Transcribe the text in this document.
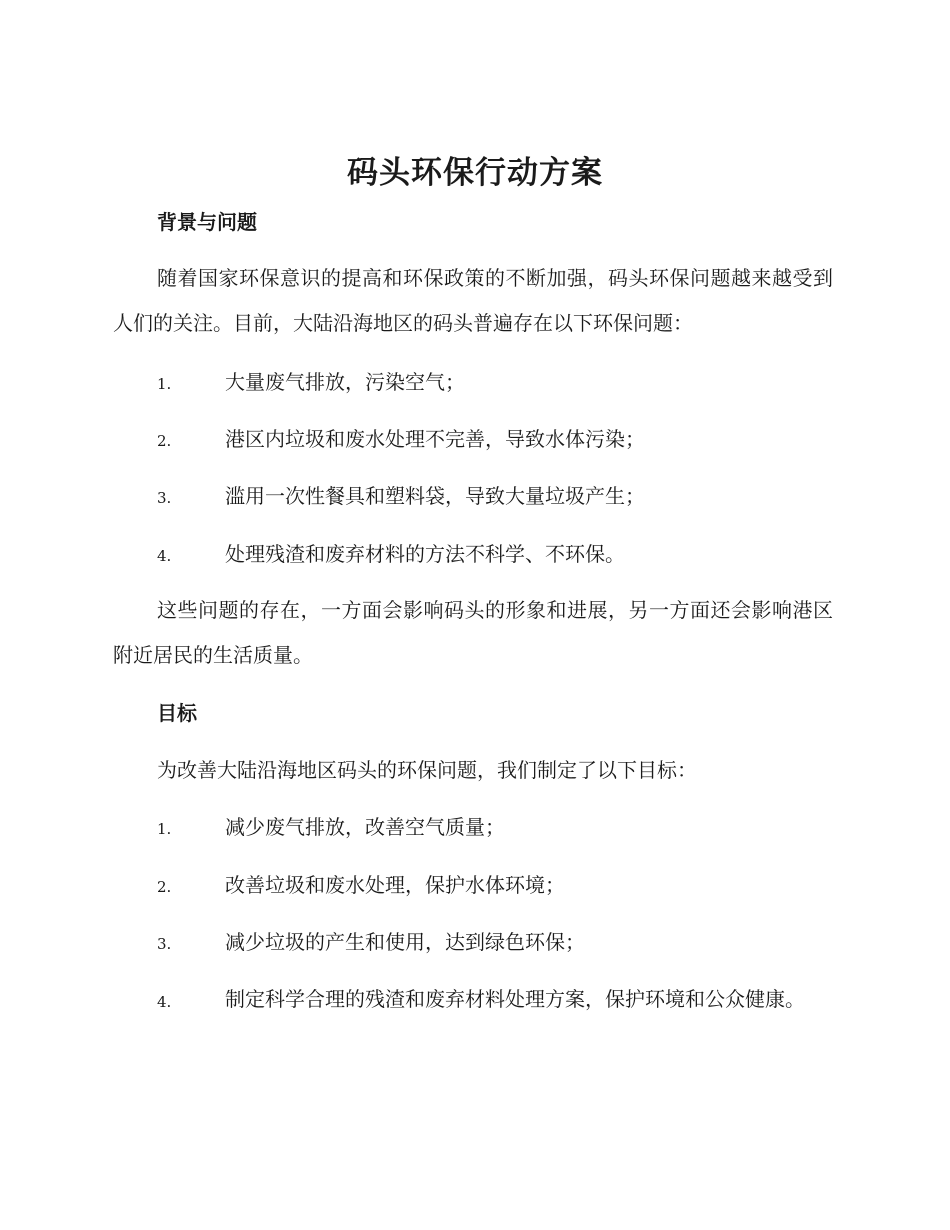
码头环保行动方案
背景与问题
随着国家环保意识的提高和环保政策的不断加强，码头环保问题越来越受到人们的关注。目前，大陆沿海地区的码头普遍存在以下环保问题：
1.	大量废气排放，污染空气；
2.	港区内垃圾和废水处理不完善，导致水体污染；
3.	滥用一次性餐具和塑料袋，导致大量垃圾产生；
4.	处理残渣和废弃材料的方法不科学、不环保。
这些问题的存在，一方面会影响码头的形象和进展，另一方面还会影响港区附近居民的生活质量。
目标
为改善大陆沿海地区码头的环保问题，我们制定了以下目标：
1.	减少废气排放，改善空气质量；
2.	改善垃圾和废水处理，保护水体环境；
3.	减少垃圾的产生和使用，达到绿色环保；
4.	制定科学合理的残渣和废弃材料处理方案，保护环境和公众健康。
